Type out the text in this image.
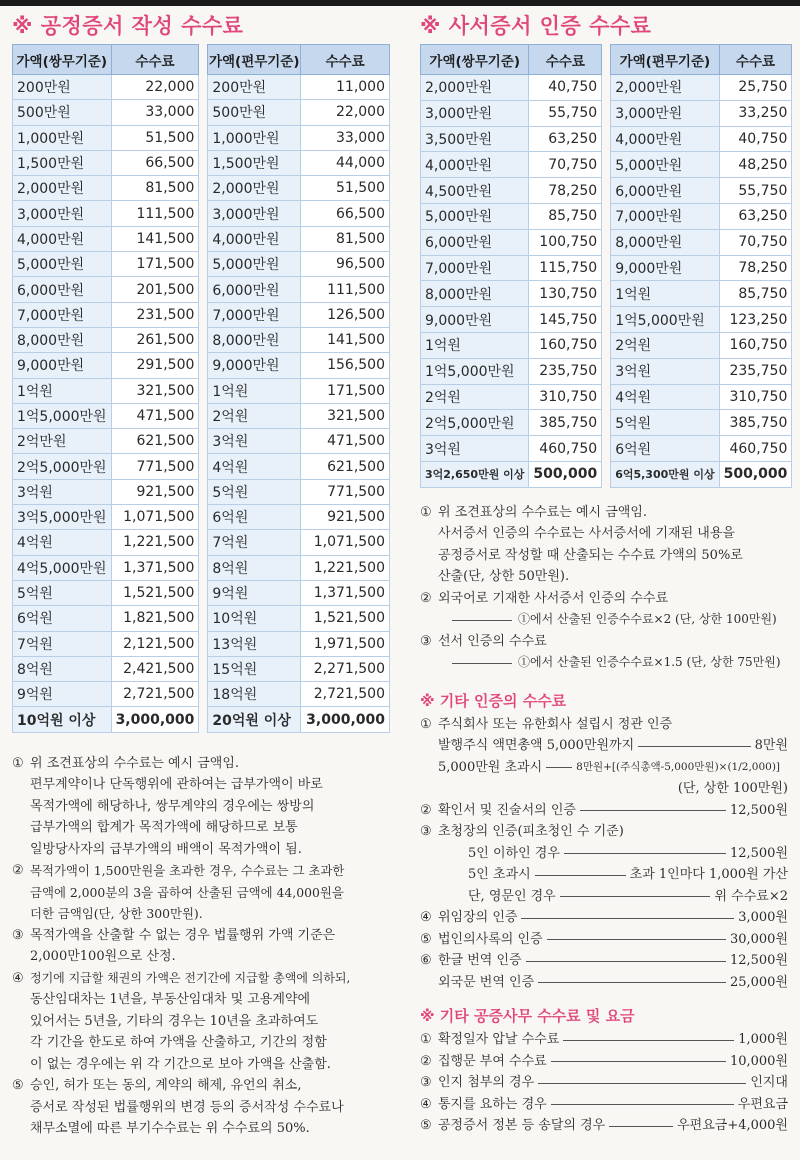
※ 공정증서 작성 수수료
가액(쌍무기준)	수수료
200만원	22,000
500만원	33,000
1,000만원	51,500
1,500만원	66,500
2,000만원	81,500
3,000만원	111,500
4,000만원	141,500
5,000만원	171,500
6,000만원	201,500
7,000만원	231,500
8,000만원	261,500
9,000만원	291,500
1억원	321,500
1억5,000만원	471,500
2억만원	621,500
2억5,000만원	771,500
3억원	921,500
3억5,000만원	1,071,500
4억원	1,221,500
4억5,000만원	1,371,500
5억원	1,521,500
6억원	1,821,500
7억원	2,121,500
8억원	2,421,500
9억원	2,721,500
10억원 이상	3,000,000
가액(편무기준)	수수료
200만원	11,000
500만원	22,000
1,000만원	33,000
1,500만원	44,000
2,000만원	51,500
3,000만원	66,500
4,000만원	81,500
5,000만원	96,500
6,000만원	111,500
7,000만원	126,500
8,000만원	141,500
9,000만원	156,500
1억원	171,500
2억원	321,500
3억원	471,500
4억원	621,500
5억원	771,500
6억원	921,500
7억원	1,071,500
8억원	1,221,500
9억원	1,371,500
10억원	1,521,500
13억원	1,971,500
15억원	2,271,500
18억원	2,721,500
20억원 이상	3,000,000
① 위 조견표상의 수수료는 예시 금액임.
편무계약이나 단독행위에 관하여는 급부가액이 바로
목적가액에 해당하나, 쌍무계약의 경우에는 쌍방의
급부가액의 합계가 목적가액에 해당하므로 보통
일방당사자의 급부가액의 배액이 목적가액이 됨.
② 목적가액이 1,500만원을 초과한 경우, 수수료는 그 초과한
금액에 2,000분의 3을 곱하여 산출된 금액에 44,000원을
더한 금액임(단, 상한 300만원).
③ 목적가액을 산출할 수 없는 경우 법률행위 가액 기준은
2,000만100원으로 산정.
④ 정기에 지급할 채권의 가액은 전기간에 지급할 총액에 의하되,
동산임대차는 1년을, 부동산임대차 및 고용계약에
있어서는 5년을, 기타의 경우는 10년을 초과하여도
각 기간을 한도로 하여 가액을 산출하고, 기간의 정함
이 없는 경우에는 위 각 기간으로 보아 가액을 산출함.
⑤ 승인, 허가 또는 동의, 계약의 해제, 유언의 취소,
증서로 작성된 법률행위의 변경 등의 증서작성 수수료나
채무소멸에 따른 부기수수료는 위 수수료의 50%.
※ 사서증서 인증 수수료
가액(쌍무기준)	수수료
2,000만원	40,750
3,000만원	55,750
3,500만원	63,250
4,000만원	70,750
4,500만원	78,250
5,000만원	85,750
6,000만원	100,750
7,000만원	115,750
8,000만원	130,750
9,000만원	145,750
1억원	160,750
1억5,000만원	235,750
2억원	310,750
2억5,000만원	385,750
3억원	460,750
3억2,650만원 이상	500,000
가액(편무기준)	수수료
2,000만원	25,750
3,000만원	33,250
4,000만원	40,750
5,000만원	48,250
6,000만원	55,750
7,000만원	63,250
8,000만원	70,750
9,000만원	78,250
1억원	85,750
1억5,000만원	123,250
2억원	160,750
3억원	235,750
4억원	310,750
5억원	385,750
6억원	460,750
6억5,300만원 이상	500,000
① 위 조견표상의 수수료는 예시 금액임.
사서증서 인증의 수수료는 사서증서에 기재된 내용을
공정증서로 작성할 때 산출되는 수수료 가액의 50%로
산출(단, 상한 50만원).
② 외국어로 기재한 사서증서 인증의 수수료
①에서 산출된 인증수수료×2 (단, 상한 100만원)
③ 선서 인증의 수수료
①에서 산출된 인증수수료×1.5 (단, 상한 75만원)
※ 기타 인증의 수수료
① 주식회사 또는 유한회사 설립시 정관 인증
발행주식 액면총액 5,000만원까지	8만원
5,000만원 초과시	8만원+[(주식총액-5,000만원)×(1/2,000)]
(단, 상한 100만원)
② 확인서 및 진술서의 인증	12,500원
③ 초청장의 인증(피초청인 수 기준)
5인 이하인 경우	12,500원
5인 초과시	초과 1인마다 1,000원 가산
단, 영문인 경우	위 수수료×2
④ 위임장의 인증	3,000원
⑤ 법인의사록의 인증	30,000원
⑥ 한글 번역 인증	12,500원
외국문 번역 인증	25,000원
※ 기타 공증사무 수수료 및 요금
① 확정일자 압날 수수료	1,000원
② 집행문 부여 수수료	10,000원
③ 인지 첨부의 경우	인지대
④ 통지를 요하는 경우	우편요금
⑤ 공정증서 정본 등 송달의 경우	우편요금+4,000원
